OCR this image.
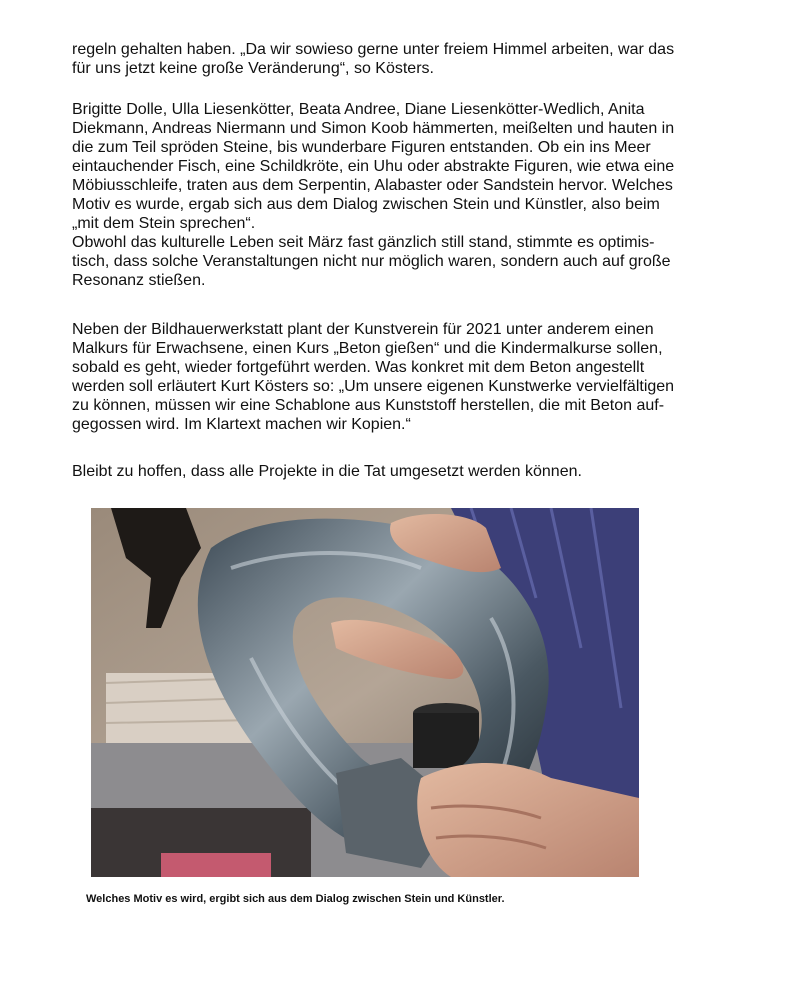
regeln gehalten haben. „Da wir sowieso gerne unter freiem Himmel arbeiten, war das
für uns jetzt keine große Veränderung“, so Kösters.

Brigitte Dolle, Ulla Liesenkötter, Beata Andree, Diane Liesenkötter-Wedlich, Anita
Diekmann, Andreas Niermann und Simon Koob hämmerten, meißelten und hauten in
die zum Teil spröden Steine, bis wunderbare Figuren entstanden. Ob ein ins Meer
eintauchender Fisch, eine Schildkröte, ein Uhu oder abstrakte Figuren, wie etwa eine
Möbiusschleife, traten aus dem Serpentin, Alabaster oder Sandstein hervor. Welches
Motiv es wurde, ergab sich aus dem Dialog zwischen Stein und Künstler, also beim
„mit dem Stein sprechen“.
Obwohl das kulturelle Leben seit März fast gänzlich still stand, stimmte es optimis-
tisch, dass solche Veranstaltungen nicht nur möglich waren, sondern auch auf große
Resonanz stießen.

Neben der Bildhauerwerkstatt plant der Kunstverein für 2021 unter anderem einen
Malkurs für Erwachsene, einen Kurs „Beton gießen“ und die Kindermalkurse sollen,
sobald es geht, wieder fortgeführt werden. Was konkret mit dem Beton angestellt
werden soll erläutert Kurt Kösters so: „Um unsere eigenen Kunstwerke vervielfältigen
zu können, müssen wir eine Schablone aus Kunststoff herstellen, die mit Beton auf-
gegossen wird. Im Klartext machen wir Kopien.“

Bleibt zu hoffen, dass alle Projekte in die Tat umgesetzt werden können.

Welches Motiv es wird, ergibt sich aus dem Dialog zwischen Stein und Künstler.
